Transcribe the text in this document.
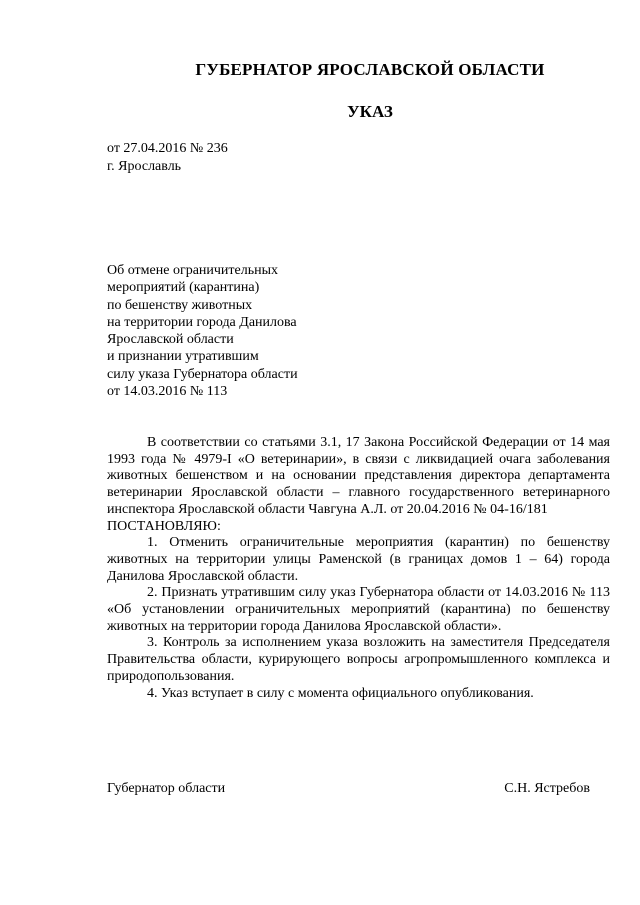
ГУБЕРНАТОР ЯРОСЛАВСКОЙ ОБЛАСТИ
УКАЗ
от 27.04.2016 № 236
г. Ярославль
Об отмене ограничительных
мероприятий (карантина)
по бешенству животных
на территории города Данилова
Ярославской области
и признании утратившим
силу указа Губернатора области
от 14.03.2016 № 113

В соответствии со статьями 3.1, 17 Закона Российской Федерации от 14 мая 1993 года № 4979-I «О ветеринарии», в связи с ликвидацией очага заболевания животных бешенством и на основании представления директора департамента ветеринарии Ярославской области – главного государственного ветеринарного инспектора Ярославской области Чавгуна А.Л. от 20.04.2016 № 04-16/181

ПОСТАНОВЛЯЮ:

1. Отменить ограничительные мероприятия (карантин) по бешенству животных на территории улицы Раменской (в границах домов 1 – 64) города Данилова Ярославской области.

2. Признать утратившим силу указ Губернатора области от 14.03.2016 № 113 «Об установлении ограничительных мероприятий (карантина) по бешенству животных на территории города Данилова Ярославской области».

3. Контроль за исполнением указа возложить на заместителя Председателя Правительства области, курирующего вопросы агропромышленного комплекса и природопользования.

4. Указ вступает в силу с момента официального опубликования.

Губернатор области	С.Н. Ястребов
